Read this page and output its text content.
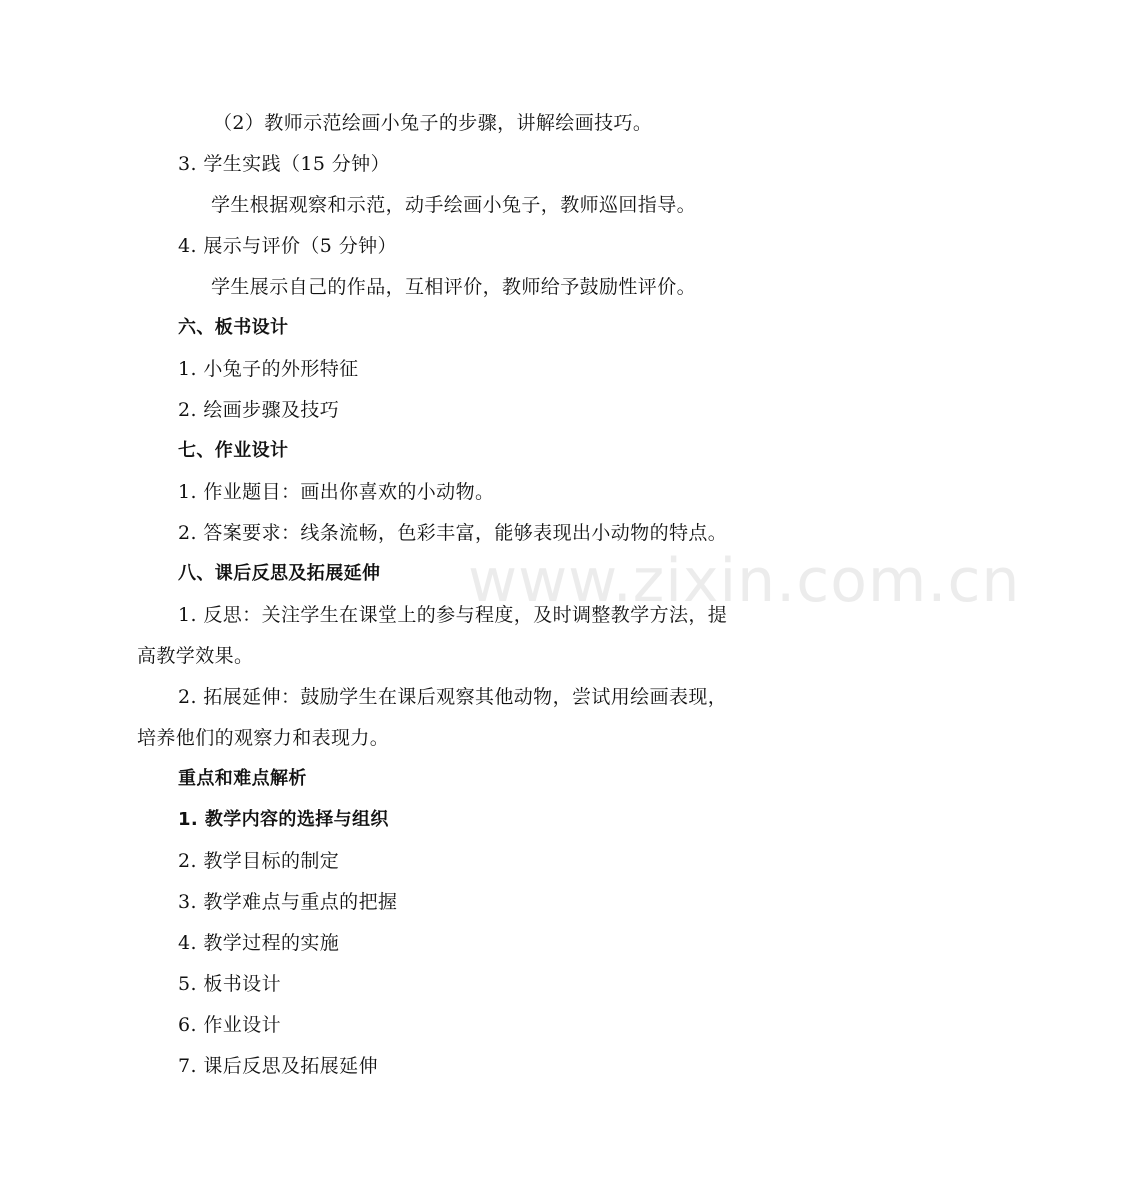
www.zixin.com.cn
（2）教师示范绘画小兔子的步骤，讲解绘画技巧。
3. 学生实践（15 分钟）
学生根据观察和示范，动手绘画小兔子，教师巡回指导。
4. 展示与评价（5 分钟）
学生展示自己的作品，互相评价，教师给予鼓励性评价。
六、板书设计
1. 小兔子的外形特征
2. 绘画步骤及技巧
七、作业设计
1. 作业题目：画出你喜欢的小动物。
2. 答案要求：线条流畅，色彩丰富，能够表现出小动物的特点。
八、课后反思及拓展延伸
1. 反思：关注学生在课堂上的参与程度，及时调整教学方法，提
高教学效果。
2. 拓展延伸：鼓励学生在课后观察其他动物，尝试用绘画表现，
培养他们的观察力和表现力。
重点和难点解析
1. 教学内容的选择与组织
2. 教学目标的制定
3. 教学难点与重点的把握
4. 教学过程的实施
5. 板书设计
6. 作业设计
7. 课后反思及拓展延伸
